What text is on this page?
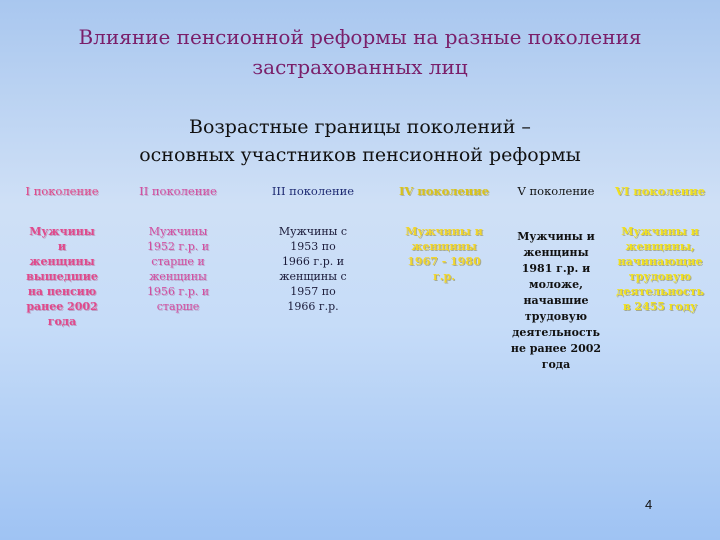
Влияние пенсионной реформы на разные поколения
застрахованных лиц
Возрастные границы поколений –
основных участников пенсионной реформы
I поколение
Мужчины
и
женщины
вышедшие
на пенсию
ранее 2002
года
II поколение
Мужчины
1952 г.р. и
старше и
женщины
1956 г.р. и
старше
III поколение
Мужчины с
1953 по
1966 г.р. и
женщины с
1957 по
1966 г.р.
IV поколение
Мужчины и
женщины
1967 - 1980
г.р.
V поколение
Мужчины и
женщины
1981 г.р. и
моложе,
начавшие
трудовую
деятельность
не ранее 2002
года
VI поколение
Мужчины и
женщины,
начинающие
трудовую
деятельность
в 2455 году
4
